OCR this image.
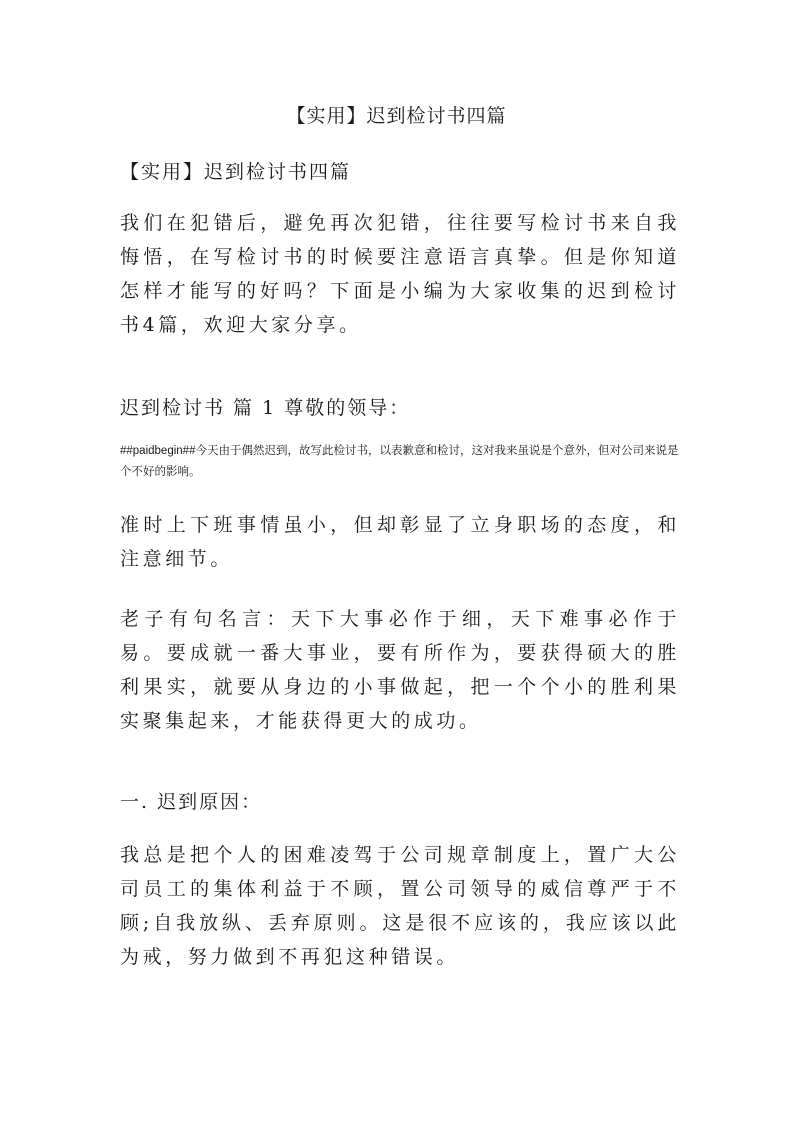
【实用】迟到检讨书四篇
【实用】迟到检讨书四篇

我们在犯错后，避免再次犯错，往往要写检讨书来自我悔悟，在写检讨书的时候要注意语言真挚。但是你知道怎样才能写的好吗？下面是小编为大家收集的迟到检讨书4篇，欢迎大家分享。

迟到检讨书 篇 1 尊敬的领导：

##paidbegin##今天由于偶然迟到，故写此检讨书，以表歉意和检讨，这对我来虽说是个意外，但对公司来说是个不好的影响。

准时上下班事情虽小，但却彰显了立身职场的态度，和注意细节。

老子有句名言：天下大事必作于细，天下难事必作于易。要成就一番大事业，要有所作为，要获得硕大的胜利果实，就要从身边的小事做起，把一个个小的胜利果实聚集起来，才能获得更大的成功。

一. 迟到原因：

我总是把个人的困难凌驾于公司规章制度上，置广大公司员工的集体利益于不顾，置公司领导的威信尊严于不顾;自我放纵、丢弃原则。这是很不应该的，我应该以此为戒，努力做到不再犯这种错误。
